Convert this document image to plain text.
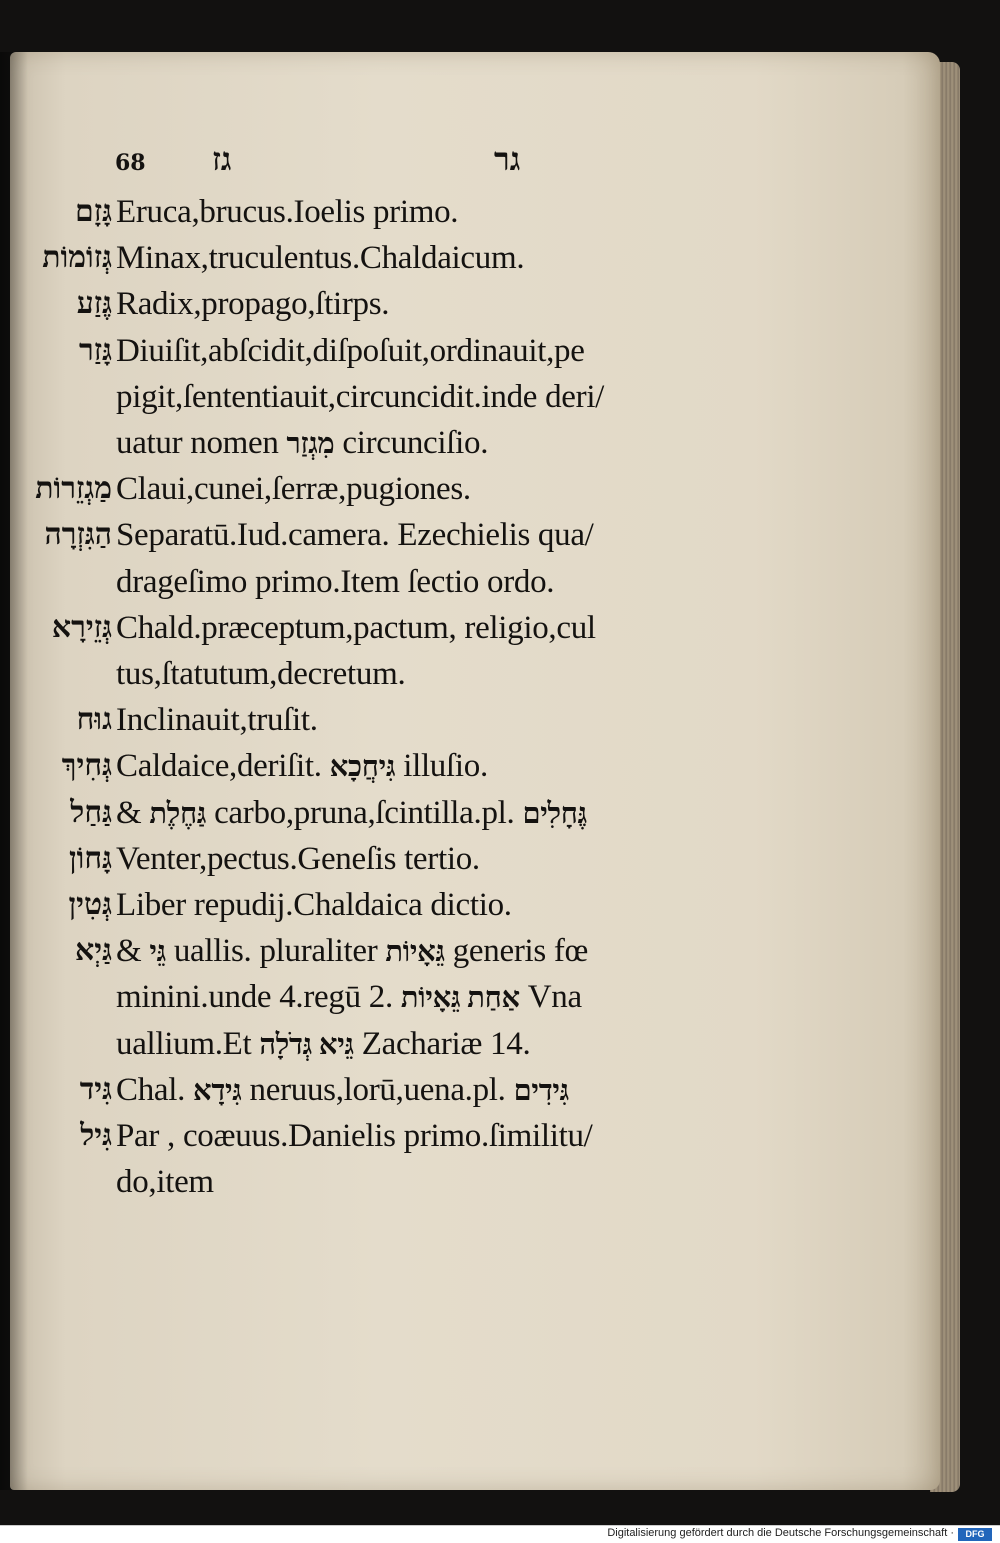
68 גז	גר
גָּזָם Eruca,brucus.Ioelis primo.
גְּזוֹמוֹת Minax,truculentus.Chaldaicum.
גֶּזַע Radix,propago,ſtirps.
גָּזַר Diuiſit,abſcidit,diſpoſuit,ordinauit,pe
pigit,ſententiauit,circuncidit.inde deri/
uatur nomen מִגְזַר circunciſio.
מַגְזֵרוֹת Claui,cunei,ſerræ,pugiones.
הַגִּזְרָה Separatū.Iud.camera. Ezechielis qua/
drageſimo primo.Item ſectio ordo.
גְּזֵירָא Chald.præceptum,pactum, religio,cul
tus,ſtatutum,decretum.
גוּח Inclinauit,truſit.
גְּחִיךְ Caldaice,deriſit. גִּיחֲכָא illuſio.
גַּחַל & גַּחֶלֶת carbo,pruna,ſcintilla.pl. גֶּחָלִים
גָּחוֹן Venter,pectus.Geneſis tertio.
גְּטִין Liber repudij.Chaldaica dictio.
גַּיְא & גֵּי uallis. pluraliter גֵּאָיוֹת generis fœ
minini.unde 4.regū 2. אַחַת גֵּאָיוֹת Vna
uallium.Et גֵּיא גְּדֹלָה Zachariæ 14.
גִּיד Chal. גִּידָא neruus,lorū,uena.pl. גִּידִים
גִּיל Par , coæuus.Danielis primo.ſimilitu/
do,item
Digitalisierung gefördert durch die Deutsche Forschungsgemeinschaft ·	DFG
